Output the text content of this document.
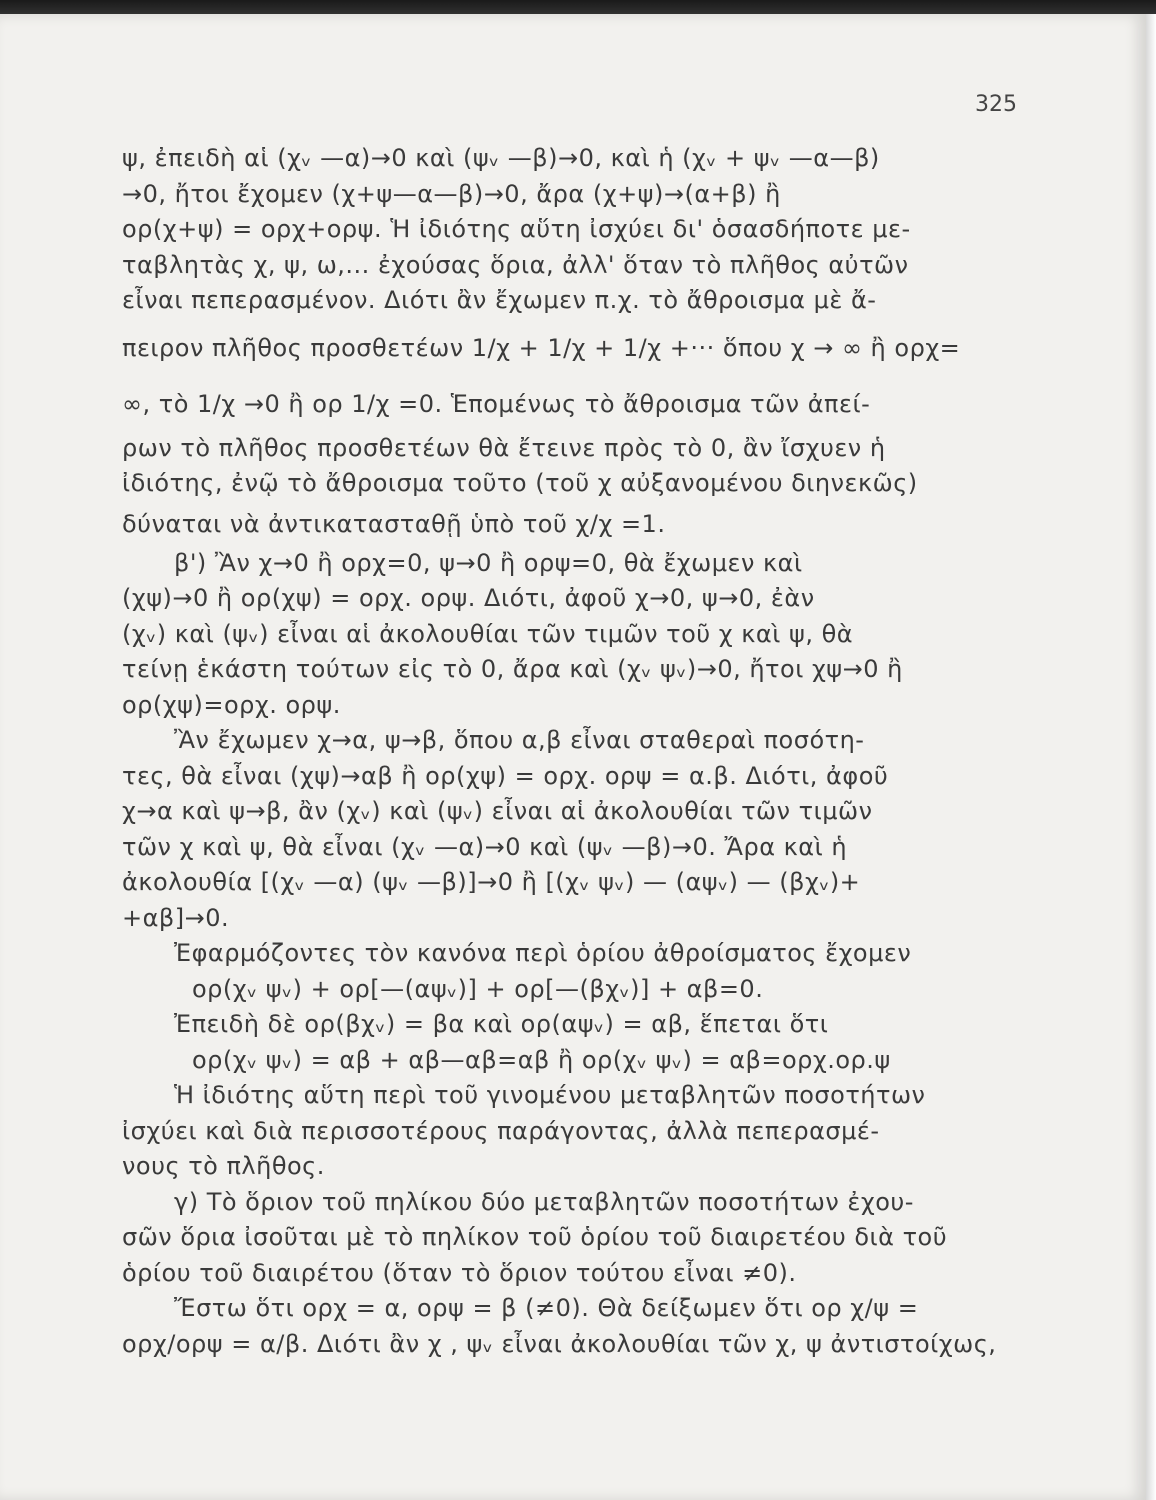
325
ψ, ἐπειδὴ αἱ (χᵥ —α)→0 καὶ (ψᵥ —β)→0, καὶ ἡ (χᵥ + ψᵥ —α—β)
→0, ἤτοι ἔχομεν (χ+ψ—α—β)→0, ἄρα (χ+ψ)→(α+β) ἢ
ορ(χ+ψ) = ορχ+ορψ. Ἡ ἰδιότης αὕτη ἰσχύει δι' ὁσασδήποτε με-
ταβλητὰς χ, ψ, ω,... ἐχούσας ὅρια, ἀλλ' ὅταν τὸ πλῆθος αὐτῶν
εἶναι πεπερασμένον. Διότι ἂν ἔχωμεν π.χ. τὸ ἄθροισμα μὲ ἄ-
πειρον πλῆθος προσθετέων 1/χ + 1/χ + 1/χ +··· ὅπου χ → ∞ ἢ ορχ=
∞, τὸ 1/χ →0 ἢ ορ 1/χ =0. Ἑπομένως τὸ ἄθροισμα τῶν ἀπεί-
ρων τὸ πλῆθος προσθετέων θὰ ἔτεινε πρὸς τὸ 0, ἂν ἴσχυεν ἡ
ἰδιότης, ἐνῷ τὸ ἄθροισμα τοῦτο (τοῦ χ αὐξανομένου διηνεκῶς)
δύναται νὰ ἀντικατασταθῇ ὑπὸ τοῦ χ/χ =1.
β') Ἂν χ→0 ἢ ορχ=0, ψ→0 ἢ ορψ=0, θὰ ἔχωμεν καὶ
(χψ)→0 ἢ ορ(χψ) = ορχ. ορψ. Διότι, ἀφοῦ χ→0, ψ→0, ἐὰν
(χᵥ) καὶ (ψᵥ) εἶναι αἱ ἀκολουθίαι τῶν τιμῶν τοῦ χ καὶ ψ, θὰ
τείνῃ ἑκάστη τούτων εἰς τὸ 0, ἄρα καὶ (χᵥ ψᵥ)→0, ἤτοι χψ→0 ἢ
ορ(χψ)=ορχ. ορψ.
Ἂν ἔχωμεν χ→α, ψ→β, ὅπου α,β εἶναι σταθεραὶ ποσότη-
τες, θὰ εἶναι (χψ)→αβ ἢ ορ(χψ) = ορχ. ορψ = α.β. Διότι, ἀφοῦ
χ→α καὶ ψ→β, ἂν (χᵥ) καὶ (ψᵥ) εἶναι αἱ ἀκολουθίαι τῶν τιμῶν
τῶν χ καὶ ψ, θὰ εἶναι (χᵥ —α)→0 καὶ (ψᵥ —β)→0. Ἄρα καὶ ἡ
ἀκολουθία [(χᵥ —α) (ψᵥ —β)]→0 ἢ [(χᵥ ψᵥ) — (αψᵥ) — (βχᵥ)+
+αβ]→0.
Ἐφαρμόζοντες τὸν κανόνα περὶ ὁρίου ἀθροίσματος ἔχομεν
ορ(χᵥ ψᵥ) + ορ[—(αψᵥ)] + ορ[—(βχᵥ)] + αβ=0.
Ἐπειδὴ δὲ ορ(βχᵥ) = βα καὶ ορ(αψᵥ) = αβ, ἕπεται ὅτι
ορ(χᵥ ψᵥ) = αβ + αβ—αβ=αβ ἢ ορ(χᵥ ψᵥ) = αβ=ορχ.ορ.ψ
Ἡ ἰδιότης αὕτη περὶ τοῦ γινομένου μεταβλητῶν ποσοτήτων
ἰσχύει καὶ διὰ περισσοτέρους παράγοντας, ἀλλὰ πεπερασμέ-
νους τὸ πλῆθος.
γ) Τὸ ὅριον τοῦ πηλίκου δύο μεταβλητῶν ποσοτήτων ἐχου-
σῶν ὅρια ἰσοῦται μὲ τὸ πηλίκον τοῦ ὁρίου τοῦ διαιρετέου διὰ τοῦ
ὁρίου τοῦ διαιρέτου (ὅταν τὸ ὅριον τούτου εἶναι ≠0).
Ἔστω ὅτι ορχ = α, ορψ = β (≠0). Θὰ δείξωμεν ὅτι ορ χ/ψ =
ορχ/ορψ = α/β. Διότι ἂν χ , ψᵥ εἶναι ἀκολουθίαι τῶν χ, ψ ἀντιστοίχως,
